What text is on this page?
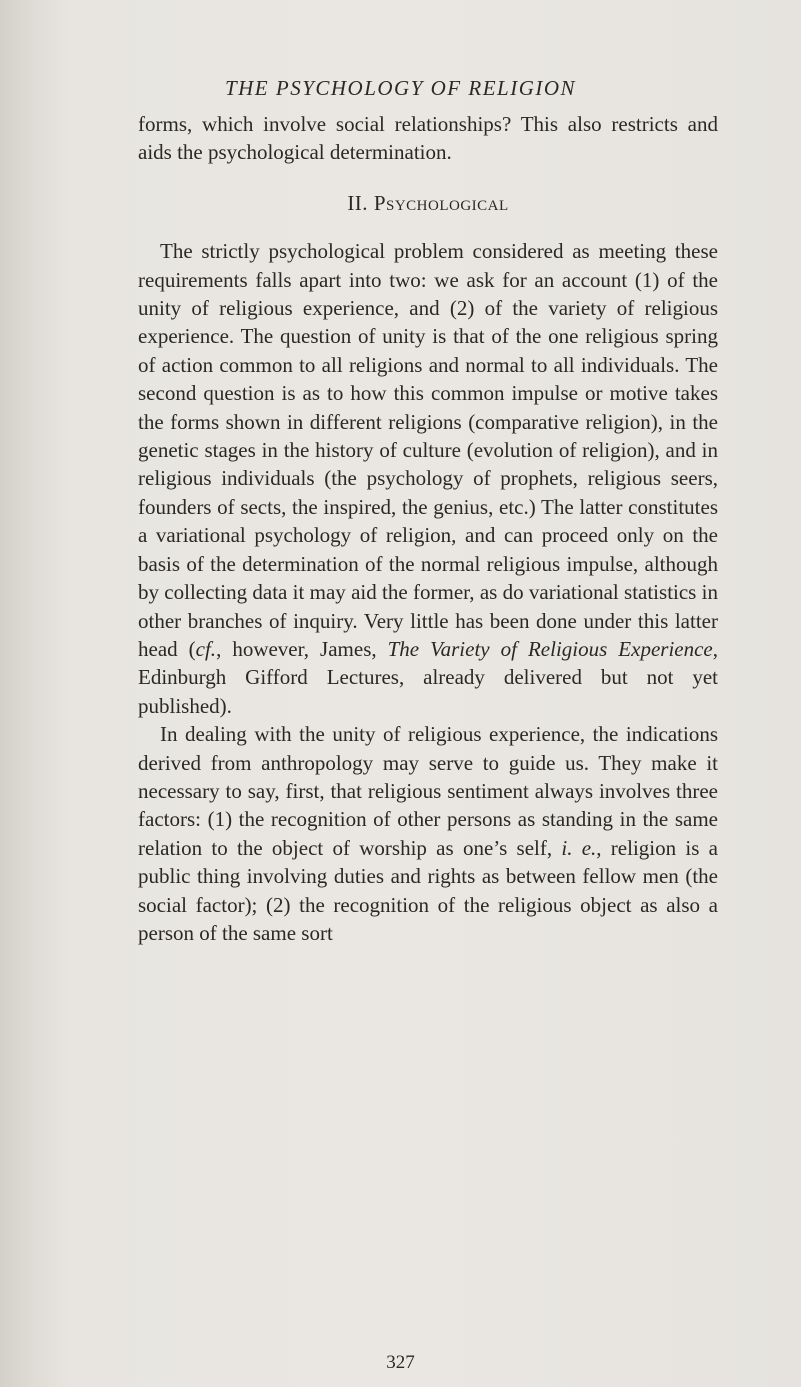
THE PSYCHOLOGY OF RELIGION

forms, which involve social relationships? This also restricts and aids the psychological determination.

II. Psychological

The strictly psychological problem considered as meeting these requirements falls apart into two: we ask for an account (1) of the unity of religious experience, and (2) of the variety of religious experience. The question of unity is that of the one religious spring of action common to all religions and normal to all individuals. The second question is as to how this common impulse or motive takes the forms shown in different religions (comparative religion), in the genetic stages in the history of culture (evolution of religion), and in religious individuals (the psychology of prophets, religious seers, founders of sects, the inspired, the genius, etc.) The latter constitutes a variational psychology of religion, and can proceed only on the basis of the determination of the normal religious impulse, although by collecting data it may aid the former, as do variational statistics in other branches of inquiry. Very little has been done under this latter head (cf., however, James, The Variety of Religious Experience, Edinburgh Gifford Lectures, already delivered but not yet published).

In dealing with the unity of religious experience, the indications derived from anthropology may serve to guide us. They make it necessary to say, first, that religious sentiment always involves three factors: (1) the recognition of other persons as standing in the same relation to the object of worship as one’s self, i. e., religion is a public thing involving duties and rights as between fellow men (the social factor); (2) the recognition of the religious object as also a person of the same sort

327
